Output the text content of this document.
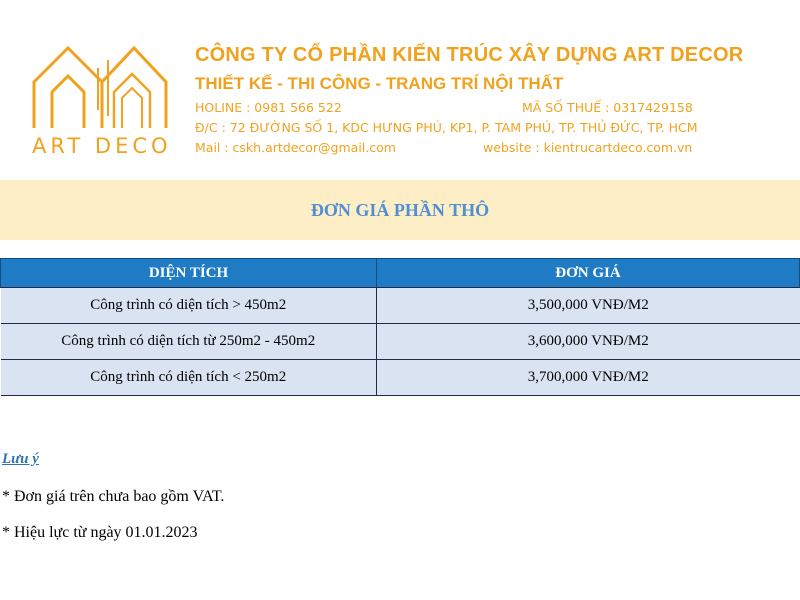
ART DECO
CÔNG TY CỔ PHẦN KIẾN TRÚC XÂY DỰNG ART DECOR
THIẾT KẾ - THI CÔNG - TRANG TRÍ NỘI THẤT
HOLINE : 0981 566 522	MÃ SỐ THUẾ : 0317429158
Đ/C : 72 ĐƯỜNG SỐ 1, KDC HƯNG PHÚ, KP1, P. TAM PHÚ, TP. THỦ ĐỨC, TP. HCM
Mail : cskh.artdecor@gmail.com	website : kientrucartdeco.com.vn
ĐƠN GIÁ PHẦN THÔ
DIỆN TÍCH	ĐƠN GIÁ
Công trình có diện tích > 450m2	3,500,000 VNĐ/M2
Công trình có diện tích từ 250m2 - 450m2	3,600,000 VNĐ/M2
Công trình có diện tích < 250m2	3,700,000 VNĐ/M2
Lưu ý
* Đơn giá trên chưa bao gồm VAT.
* Hiệu lực từ ngày 01.01.2023
